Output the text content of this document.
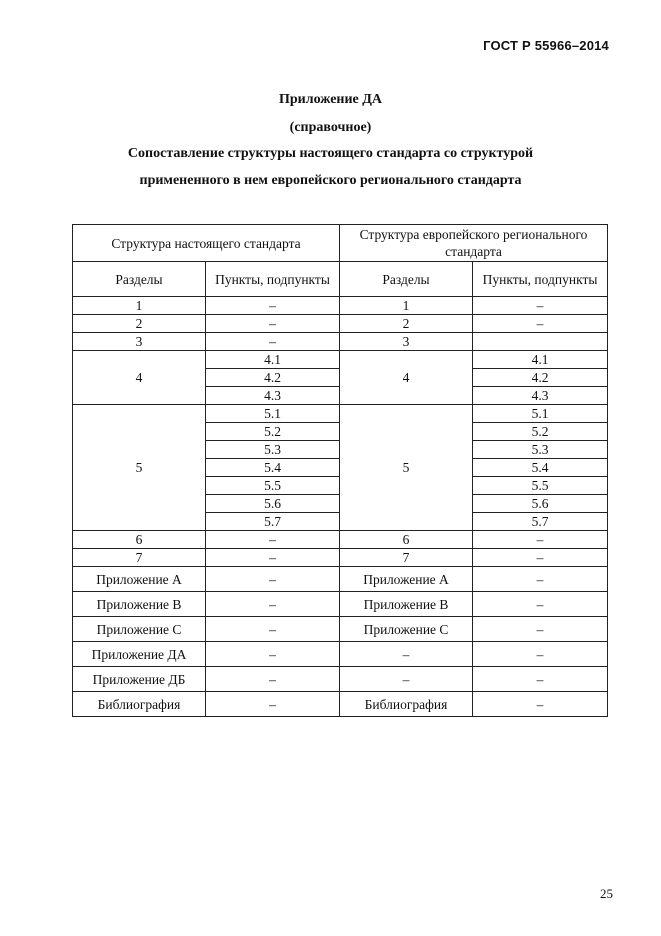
ГОСТ Р 55966–2014
Приложение ДА
(справочное)
Сопоставление структуры настоящего стандарта со структурой
примененного в нем европейского регионального стандарта
Структура настоящего стандарта		Структура европейского регионального стандарта	
Разделы	Пункты, подпункты	Разделы	Пункты, подпункты
1	–	1	–
2	–	2	–
3	–	3	
4	4.1	4	4.1
	4.2		4.2
	4.3		4.3
5	5.1	5	5.1
	5.2		5.2
	5.3		5.3
	5.4		5.4
	5.5		5.5
	5.6		5.6
	5.7		5.7
6	–	6	–
7	–	7	–
Приложение А	–	Приложение А	–
Приложение В	–	Приложение В	–
Приложение С	–	Приложение С	–
Приложение ДА	–	–	–
Приложение ДБ	–	–	–
Библиография	–	Библиография	–
25
